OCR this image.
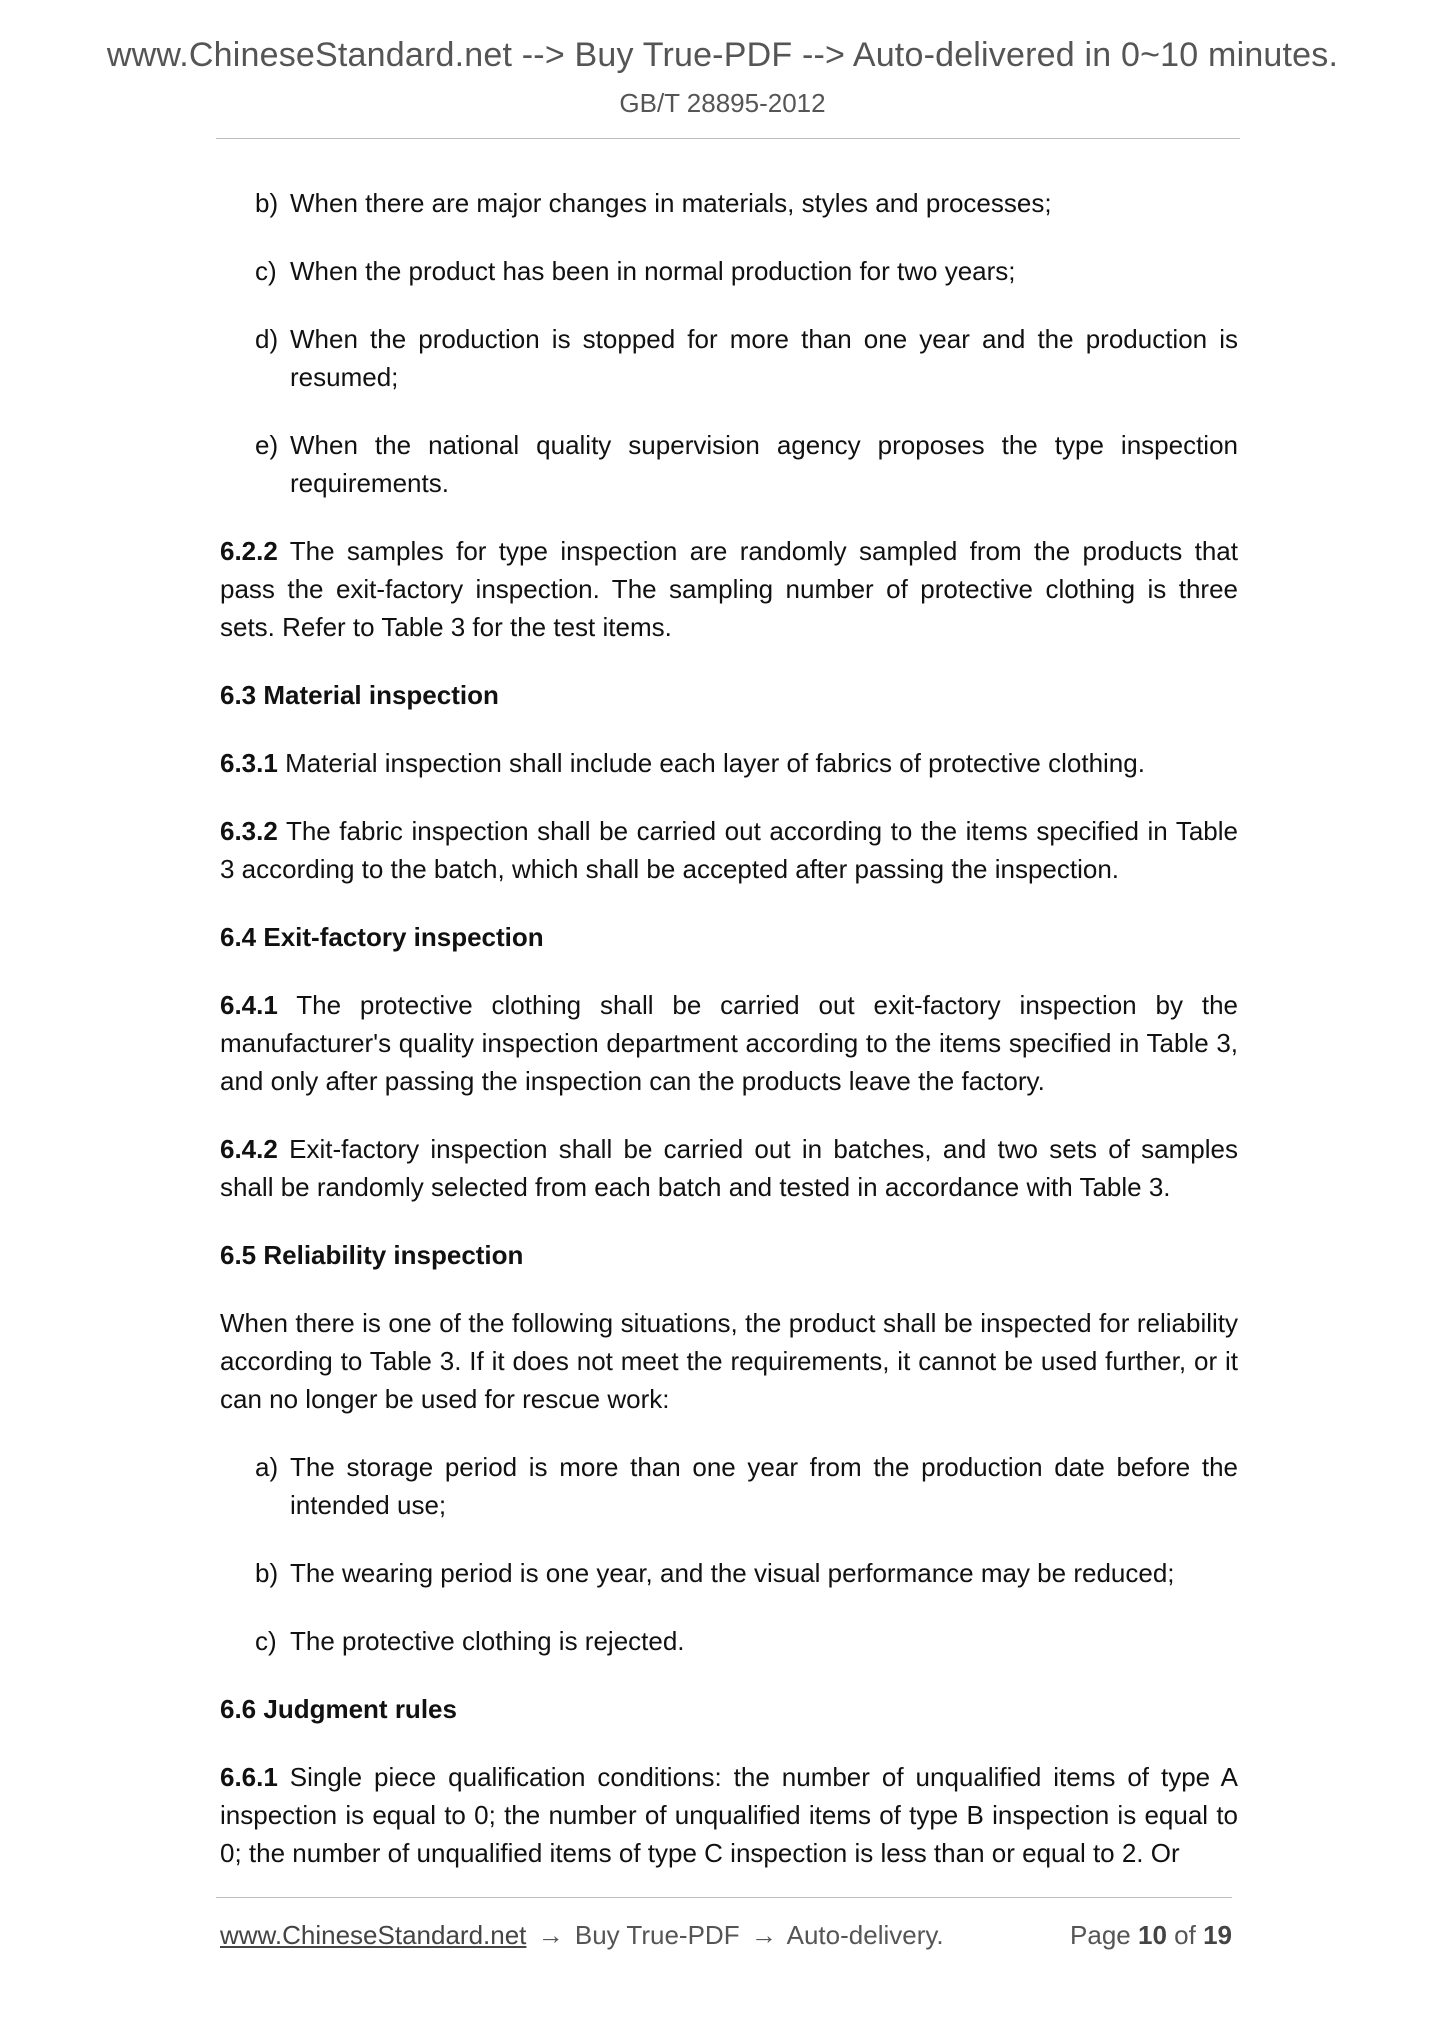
www.ChineseStandard.net --> Buy True-PDF --> Auto-delivered in 0~10 minutes.
GB/T 28895-2012
b) When there are major changes in materials, styles and processes;
c) When the product has been in normal production for two years;
d) When the production is stopped for more than one year and the production is resumed;
e) When the national quality supervision agency proposes the type inspection requirements.

6.2.2 The samples for type inspection are randomly sampled from the products that pass the exit-factory inspection. The sampling number of protective clothing is three sets. Refer to Table 3 for the test items.

6.3 Material inspection

6.3.1 Material inspection shall include each layer of fabrics of protective clothing.

6.3.2 The fabric inspection shall be carried out according to the items specified in Table 3 according to the batch, which shall be accepted after passing the inspection.

6.4 Exit-factory inspection

6.4.1 The protective clothing shall be carried out exit-factory inspection by the manufacturer's quality inspection department according to the items specified in Table 3, and only after passing the inspection can the products leave the factory.

6.4.2 Exit-factory inspection shall be carried out in batches, and two sets of samples shall be randomly selected from each batch and tested in accordance with Table 3.

6.5 Reliability inspection

When there is one of the following situations, the product shall be inspected for reliability according to Table 3. If it does not meet the requirements, it cannot be used further, or it can no longer be used for rescue work:

a) The storage period is more than one year from the production date before the intended use;
b) The wearing period is one year, and the visual performance may be reduced;
c) The protective clothing is rejected.
6.6 Judgment rules

6.6.1 Single piece qualification conditions: the number of unqualified items of type A inspection is equal to 0; the number of unqualified items of type B inspection is equal to 0; the number of unqualified items of type C inspection is less than or equal to 2. Or

www.ChineseStandard.net → Buy True-PDF → Auto-delivery.	Page 10 of 19
